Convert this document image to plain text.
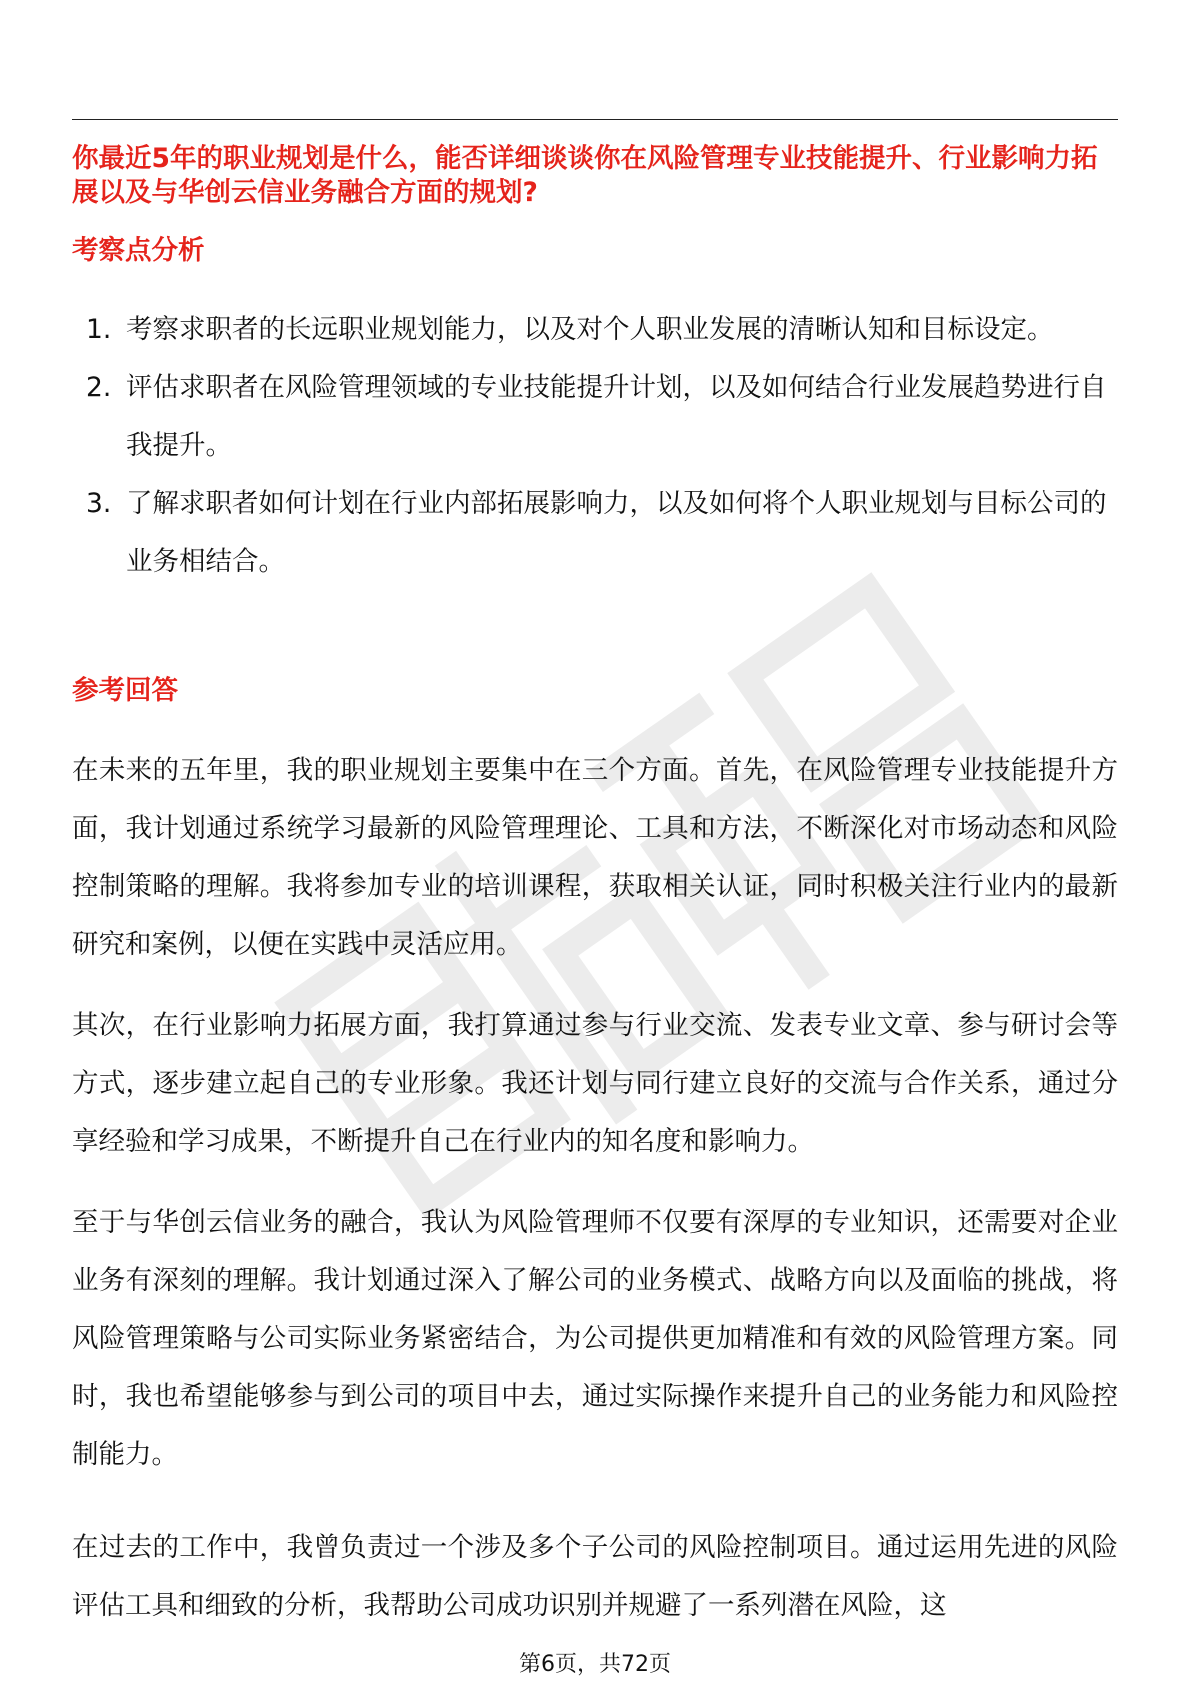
你最近5年的职业规划是什么，能否详细谈谈你在风险管理专业技能提升、行业影响力拓展以及与华创云信业务融合方面的规划?

考察点分析
1. 考察求职者的长远职业规划能力，以及对个人职业发展的清晰认知和目标设定。
2. 评估求职者在风险管理领域的专业技能提升计划，以及如何结合行业发展趋势进行自我提升。
3. 了解求职者如何计划在行业内部拓展影响力，以及如何将个人职业规划与目标公司的业务相结合。
参考回答

在未来的五年里，我的职业规划主要集中在三个方面。首先，在风险管理专业技能提升方面，我计划通过系统学习最新的风险管理理论、工具和方法，不断深化对市场动态和风险控制策略的理解。我将参加专业的培训课程，获取相关认证，同时积极关注行业内的最新研究和案例，以便在实践中灵活应用。

其次，在行业影响力拓展方面，我打算通过参与行业交流、发表专业文章、参与研讨会等方式，逐步建立起自己的专业形象。我还计划与同行建立良好的交流与合作关系，通过分享经验和学习成果，不断提升自己在行业内的知名度和影响力。

至于与华创云信业务的融合，我认为风险管理师不仅要有深厚的专业知识，还需要对企业业务有深刻的理解。我计划通过深入了解公司的业务模式、战略方向以及面临的挑战，将风险管理策略与公司实际业务紧密结合，为公司提供更加精准和有效的风险管理方案。同时，我也希望能够参与到公司的项目中去，通过实际操作来提升自己的业务能力和风险控制能力。

在过去的工作中，我曾负责过一个涉及多个子公司的风险控制项目。通过运用先进的风险评估工具和细致的分析，我帮助公司成功识别并规避了一系列潜在风险，这

第6页，共72页
